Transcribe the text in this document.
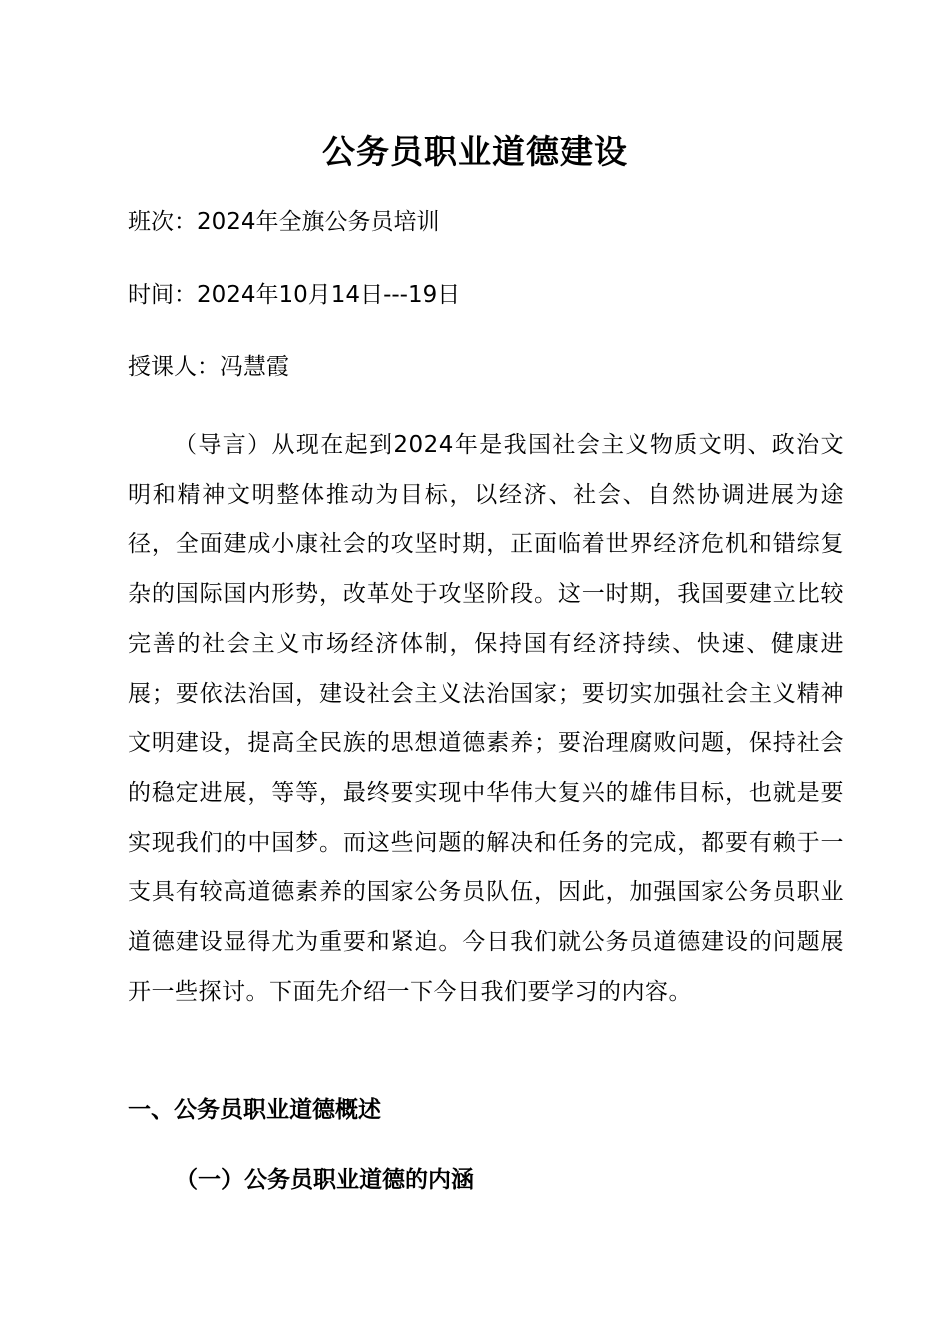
公务员职业道德建设
班次：2024年全旗公务员培训
时间：2024年10月14日---19日
授课人：冯慧霞

（导言）从现在起到2024年是我国社会主义物质文明、政治文明和精神文明整体推动为目标，以经济、社会、自然协调进展为途径，全面建成小康社会的攻坚时期，正面临着世界经济危机和错综复杂的国际国内形势，改革处于攻坚阶段。这一时期，我国要建立比较完善的社会主义市场经济体制，保持国有经济持续、快速、健康进展；要依法治国，建设社会主义法治国家；要切实加强社会主义精神文明建设，提高全民族的思想道德素养；要治理腐败问题，保持社会的稳定进展，等等，最终要实现中华伟大复兴的雄伟目标，也就是要实现我们的中国梦。而这些问题的解决和任务的完成，都要有赖于一支具有较高道德素养的国家公务员队伍，因此，加强国家公务员职业道德建设显得尤为重要和紧迫。今日我们就公务员道德建设的问题展开一些探讨。下面先介绍一下今日我们要学习的内容。

一、公务员职业道德概述
（一）公务员职业道德的内涵
